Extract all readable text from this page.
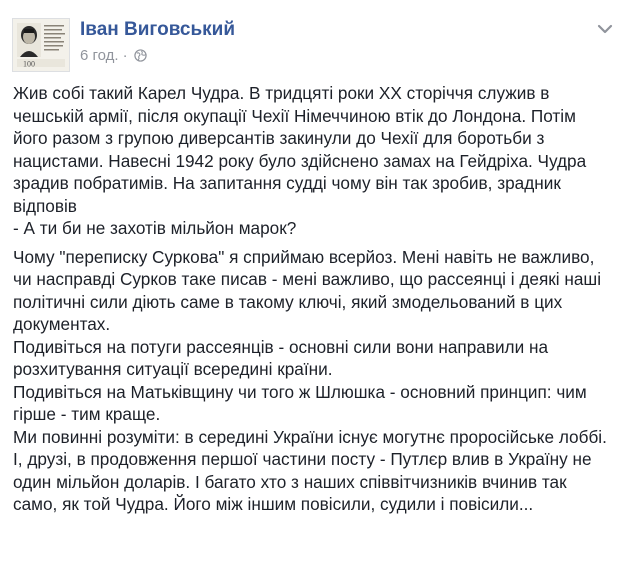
100
Іван Виговський
6 год. ·

Жив собі такий Карел Чудра. В тридцяті роки ХХ сторіччя служив в чешській армії, після окупації Чехії Німеччиною втік до Лондона. Потім його разом з групою диверсантів закинули до Чехії для боротьби з нацистами. Навесні 1942 року було здійснено замах на Гейдріха. Чудра зрадив побратимів. На запитання судді чому він так зробив, зрадник відповів
- А ти би не захотів мільйон марок?

Чому "переписку Суркова" я сприймаю всерйоз. Мені навіть не важливо, чи насправді Сурков таке писав - мені важливо, що рассеянці і деякі наші політичні сили діють саме в такому ключі, який змодельований в цих документах.
Подивіться на потуги рассеянців - основні сили вони направили на розхитування ситуації всередині країни.
Подивіться на Матьківщину чи того ж Шлюшка - основний принцип: чим гірше - тим краще.
Ми повинні розуміти: в середині України існує могутнє проросійське лоббі.
І, друзі, в продовження першої частини посту - Путлєр влив в Україну не один мільйон доларів. І багато хто з наших співвітчизників вчинив так само, як той Чудра. Його між іншим повісили, судили і повісили...
